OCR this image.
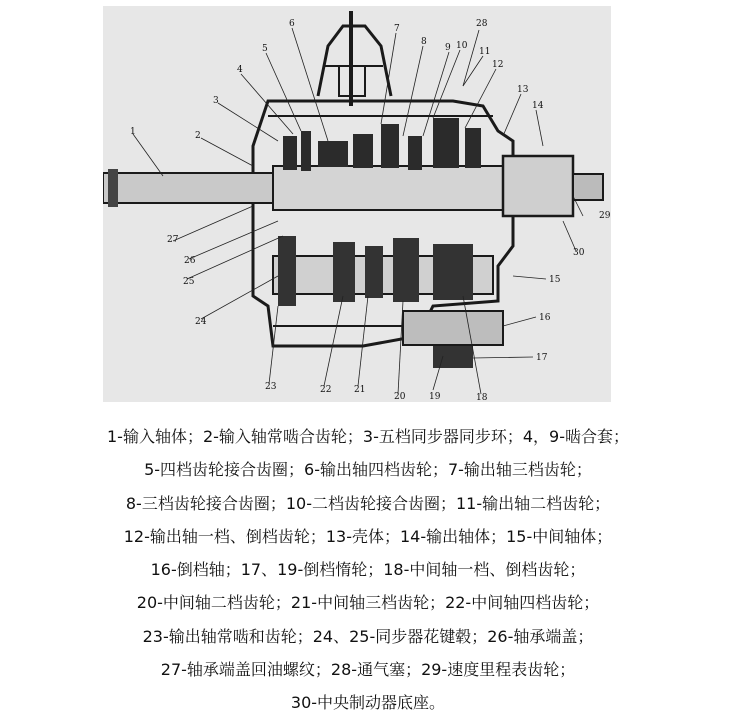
1	2
3
4
5
6	7
8
9 10
11
12
13
14
15
16
17
18
19
20
21
22
23
24
25
26
27
28
29
30
1-输入轴体；2-输入轴常啮合齿轮；3-五档同步器同步环；4，9-啮合套；
5-四档齿轮接合齿圈；6-输出轴四档齿轮；7-输出轴三档齿轮；
8-三档齿轮接合齿圈；10-二档齿轮接合齿圈；11-输出轴二档齿轮；
12-输出轴一档、倒档齿轮；13-壳体；14-输出轴体；15-中间轴体；
16-倒档轴；17、19-倒档惰轮；18-中间轴一档、倒档齿轮；
20-中间轴二档齿轮；21-中间轴三档齿轮；22-中间轴四档齿轮；
23-输出轴常啮和齿轮；24、25-同步器花键毂；26-轴承端盖；
27-轴承端盖回油螺纹；28-通气塞；29-速度里程表齿轮；
30-中央制动器底座。
